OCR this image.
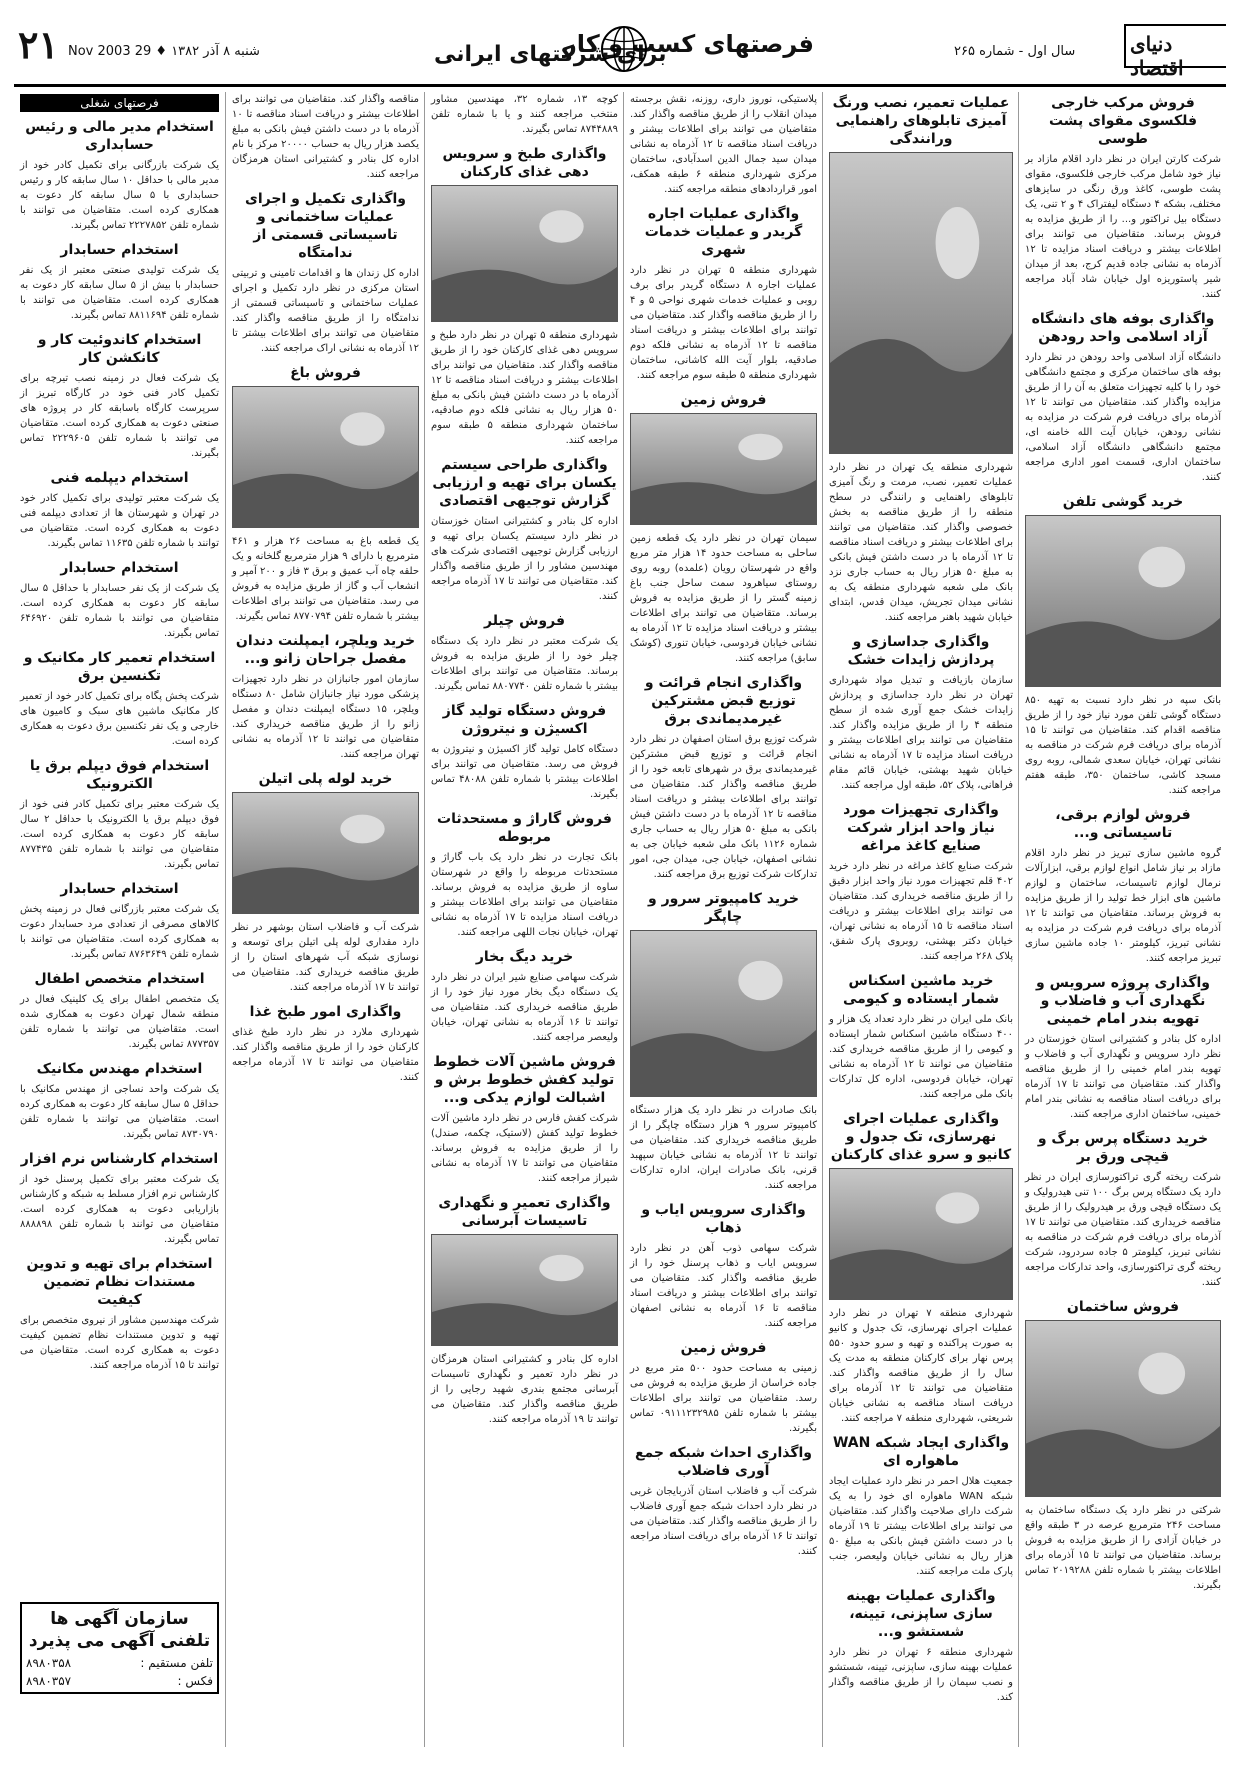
۲۱ شنبه ۸ آذر ۱۳۸۲ ♦ 29 Nov 2003	فرصتهای کسب و کار
برای شرکتهای ایرانی	سال اول - شماره ۲۶۵	دنیای اقتصاد
فروش مرکب خارجی فلکسوی مقوای پشت طوسی

شرکت کارتن ایران در نظر دارد اقلام مازاد بر نیاز خود شامل مرکب خارجی فلکسوی، مقوای پشت طوسی، کاغذ ورق رنگی در سایزهای مختلف، بشکه ۴ دستگاه لیفتراک ۴ و ۲ تنی، یک دستگاه بیل تراکتور و... را از طریق مزایده به فروش برساند. متقاضیان می توانند برای اطلاعات بیشتر و دریافت اسناد مزایده تا ۱۲ آذرماه به نشانی جاده قدیم کرج، بعد از میدان شیر پاستوریزه اول خیابان شاد آباد مراجعه کنند.

واگذاری بوفه های دانشگاه آزاد اسلامی واحد رودهن

دانشگاه آزاد اسلامی واحد رودهن در نظر دارد بوفه های ساختمان مرکزی و مجتمع دانشگاهی خود را با کلیه تجهیزات متعلق به آن را از طریق مزایده واگذار کند. متقاضیان می توانند تا ۱۲ آذرماه برای دریافت فرم شرکت در مزایده به نشانی رودهن، خیابان آیت الله خامنه ای، مجتمع دانشگاهی دانشگاه آزاد اسلامی، ساختمان اداری، قسمت امور اداری مراجعه کنند.

خرید گوشی تلفن

بانک سپه در نظر دارد نسبت به تهیه ۸۵۰ دستگاه گوشی تلفن مورد نیاز خود را از طریق مناقصه اقدام کند. متقاضیان می توانند تا ۱۵ آذرماه برای دریافت فرم شرکت در مناقصه به نشانی تهران، خیابان سعدی شمالی، روبه روی مسجد کاشی، ساختمان ۳۵۰، طبقه هفتم مراجعه کنند.

فروش لوازم برقی، تاسیساتی و...

گروه ماشین سازی تبریز در نظر دارد اقلام مازاد بر نیاز شامل انواع لوازم برقی، ابزارآلات نرمال لوازم تاسیسات، ساختمان و لوازم ماشین های ابزار خط تولید را از طریق مزایده به فروش برساند. متقاضیان می توانند تا ۱۲ آذرماه برای دریافت فرم شرکت در مزایده به نشانی تبریز، کیلومتر ۱۰ جاده ماشین سازی تبریز مراجعه کنند.

واگذاری پروژه سرویس و نگهداری آب و فاضلاب و تهویه بندر امام خمینی

اداره کل بنادر و کشتیرانی استان خوزستان در نظر دارد سرویس و نگهداری آب و فاضلاب و تهویه بندر امام خمینی را از طریق مناقصه واگذار کند. متقاضیان می توانند تا ۱۷ آذرماه برای دریافت اسناد مناقصه به نشانی بندر امام خمینی، ساختمان اداری مراجعه کنند.

خرید دستگاه پرس برگ و قیچی ورق بر

شرکت ریخته گری تراکتورسازی ایران در نظر دارد یک دستگاه پرس برگ ۱۰۰ تنی هیدرولیک و یک دستگاه قیچی ورق بر هیدرولیک را از طریق مناقصه خریداری کند. متقاضیان می توانند تا ۱۷ آذرماه برای دریافت فرم شرکت در مناقصه به نشانی تبریز، کیلومتر ۵ جاده سردرود، شرکت ریخته گری تراکتورسازی، واحد تدارکات مراجعه کنند.

فروش ساختمان

شرکتی در نظر دارد یک دستگاه ساختمان به مساحت ۲۴۶ مترمربع عرصه در ۳ طبقه واقع در خیابان آزادی را از طریق مزایده به فروش برساند. متقاضیان می توانند تا ۱۵ آذرماه برای اطلاعات بیشتر با شماره تلفن ۲۰۱۹۲۸۸ تماس بگیرند.

عملیات تعمیر، نصب ورنگ آمیزی تابلوهای راهنمایی ورانندگی

شهرداری منطقه یک تهران در نظر دارد عملیات تعمیر، نصب، مرمت و رنگ آمیزی تابلوهای راهنمایی و رانندگی در سطح منطقه را از طریق مناقصه به بخش خصوصی واگذار کند. متقاضیان می توانند برای اطلاعات بیشتر و دریافت اسناد مناقصه تا ۱۲ آذرماه با در دست داشتن فیش بانکی به مبلغ ۵۰ هزار ریال به حساب جاری نزد بانک ملی شعبه شهرداری منطقه یک به نشانی میدان تجریش، میدان قدس، ابتدای خیابان شهید باهنر مراجعه کنند.

واگذاری جداسازی و پردازش زایدات خشک

سازمان بازیافت و تبدیل مواد شهرداری تهران در نظر دارد جداسازی و پردازش زایدات خشک جمع آوری شده از سطح منطقه ۴ را از طریق مزایده واگذار کند. متقاضیان می توانند برای اطلاعات بیشتر و دریافت اسناد مزایده تا ۱۷ آذرماه به نشانی خیابان شهید بهشتی، خیابان قائم مقام فراهانی، پلاک ۵۲، طبقه اول مراجعه کنند.

واگذاری تجهیزات مورد نیاز واحد ابزار شرکت صنایع کاغذ مراغه

شرکت صنایع کاغذ مراغه در نظر دارد خرید ۴۰۲ قلم تجهیزات مورد نیاز واحد ابزار دقیق را از طریق مناقصه خریداری کند. متقاضیان می توانند برای اطلاعات بیشتر و دریافت اسناد مناقصه تا ۱۵ آذرماه به نشانی تهران، خیابان دکتر بهشتی، روبروی پارک شفق، پلاک ۲۶۸ مراجعه کنند.

خرید ماشین اسکناس شمار ایستاده و کیومی

بانک ملی ایران در نظر دارد تعداد یک هزار و ۴۰۰ دستگاه ماشین اسکناس شمار ایستاده و کیومی را از طریق مناقصه خریداری کند. متقاضیان می توانند تا ۱۲ آذرماه به نشانی تهران، خیابان فردوسی، اداره کل تدارکات بانک ملی مراجعه کنند.

واگذاری عملیات اجرای نهرسازی، تک جدول و کانیو و سرو غذای کارکنان

شهرداری منطقه ۷ تهران در نظر دارد عملیات اجرای نهرسازی، تک جدول و کانیو به صورت پراکنده و تهیه و سرو حدود ۵۵۰ پرس نهار برای کارکنان منطقه به مدت یک سال را از طریق مناقصه واگذار کند. متقاضیان می توانند تا ۱۲ آذرماه برای دریافت اسناد مناقصه به نشانی خیابان شریعتی، شهرداری منطقه ۷ مراجعه کنند.

واگذاری ایجاد شبکه WAN ماهواره ای

جمعیت هلال احمر در نظر دارد عملیات ایجاد شبکه WAN ماهواره ای خود را به یک شرکت دارای صلاحیت واگذار کند. متقاضیان می توانند برای اطلاعات بیشتر تا ۱۹ آذرماه با در دست داشتن فیش بانکی به مبلغ ۵۰ هزار ریال به نشانی خیابان ولیعصر، جنب پارک ملت مراجعه کنند.

واگذاری عملیات بهینه سازی ساپزنی، تیینه، شستشو و...

شهرداری منطقه ۶ تهران در نظر دارد عملیات بهینه سازی، ساپزنی، تیینه، شستشو و نصب سیمان را از طریق مناقصه واگذار کند.

پلاستیکی، نوروز داری، روزنه، نقش برجسته میدان انقلاب را از طریق مناقصه واگذار کند. متقاضیان می توانند برای اطلاعات بیشتر و دریافت اسناد مناقصه تا ۱۲ آذرماه به نشانی میدان سید جمال الدین اسدآبادی، ساختمان مرکزی شهرداری منطقه ۶ طبقه همکف، امور قراردادهای منطقه مراجعه کنند.

واگذاری عملیات اجاره گریدر و عملیات خدمات شهری

شهرداری منطقه ۵ تهران در نظر دارد عملیات اجاره ۸ دستگاه گریدر برای برف روبی و عملیات خدمات شهری نواحی ۵ و ۴ را از طریق مناقصه واگذار کند. متقاضیان می توانند برای اطلاعات بیشتر و دریافت اسناد مناقصه تا ۱۲ آذرماه به نشانی فلکه دوم صادقیه، بلوار آیت الله کاشانی، ساختمان شهرداری منطقه ۵ طبقه سوم مراجعه کنند.

فروش زمین

سیمان تهران در نظر دارد یک قطعه زمین ساحلی به مساحت حدود ۱۴ هزار متر مربع واقع در شهرستان رویان (علمده) روبه روی روستای سیاهرود سمت ساحل جنب باغ زمینه گستر را از طریق مزایده به فروش برساند. متقاضیان می توانند برای اطلاعات بیشتر و دریافت اسناد مزایده تا ۱۲ آذرماه به نشانی خیابان فردوسی، خیابان تنوری (کوشک سابق) مراجعه کنند.

واگذاری انجام قرائت و توزیع قبض مشترکین غیرمدیماندی برق

شرکت توزیع برق استان اصفهان در نظر دارد انجام قرائت و توزیع قبض مشترکین غیرمدیماندی برق در شهرهای تابعه خود را از طریق مناقصه واگذار کند. متقاضیان می توانند برای اطلاعات بیشتر و دریافت اسناد مناقصه تا ۱۲ آذرماه با در دست داشتن فیش بانکی به مبلغ ۵۰ هزار ریال به حساب جاری شماره ۱۱۲۶ بانک ملی شعبه خیابان جی به نشانی اصفهان، خیابان جی، میدان جی، امور تدارکات شرکت توزیع برق مراجعه کنند.

خرید کامپیوتر سرور و چاپگر

بانک صادرات در نظر دارد یک هزار دستگاه کامپیوتر سرور ۹ هزار دستگاه چاپگر را از طریق مناقصه خریداری کند. متقاضیان می توانند تا ۱۲ آذرماه به نشانی خیابان سپهبد قرنی، بانک صادرات ایران، اداره تدارکات مراجعه کنند.

واگذاری سرویس ایاب و ذهاب

شرکت سهامی ذوب آهن در نظر دارد سرویس ایاب و ذهاب پرسنل خود را از طریق مناقصه واگذار کند. متقاضیان می توانند برای اطلاعات بیشتر و دریافت اسناد مناقصه تا ۱۶ آذرماه به نشانی اصفهان مراجعه کنند.

فروش زمین

زمینی به مساحت حدود ۵۰۰ متر مربع در جاده خراسان از طریق مزایده به فروش می رسد. متقاضیان می توانند برای اطلاعات بیشتر با شماره تلفن ۰۹۱۱۱۲۳۲۹۸۵ تماس بگیرند.

واگذاری احداث شبکه جمع آوری فاضلاب

شرکت آب و فاضلاب استان آذربایجان غربی در نظر دارد احداث شبکه جمع آوری فاضلاب را از طریق مناقصه واگذار کند. متقاضیان می توانند تا ۱۶ آذرماه برای دریافت اسناد مراجعه کنند.

کوچه ۱۳، شماره ۳۲، مهندسین مشاور منتخب مراجعه کنند و یا با شماره تلفن ۸۷۴۴۸۸۹ تماس بگیرند.

واگذاری طبخ و سرویس دهی غذای کارکنان

شهرداری منطقه ۵ تهران در نظر دارد طبخ و سرویس دهی غذای کارکنان خود را از طریق مناقصه واگذار کند. متقاضیان می توانند برای اطلاعات بیشتر و دریافت اسناد مناقصه تا ۱۲ آذرماه با در دست داشتن فیش بانکی به مبلغ ۵۰ هزار ریال به نشانی فلکه دوم صادقیه، ساختمان شهرداری منطقه ۵ طبقه سوم مراجعه کنند.

واگذاری طراحی سیستم یکسان برای تهیه و ارزیابی گزارش توجیهی اقتصادی

اداره کل بنادر و کشتیرانی استان خوزستان در نظر دارد سیستم یکسان برای تهیه و ارزیابی گزارش توجیهی اقتصادی شرکت های مهندسین مشاور را از طریق مناقصه واگذار کند. متقاضیان می توانند تا ۱۷ آذرماه مراجعه کنند.

فروش چیلر

یک شرکت معتبر در نظر دارد یک دستگاه چیلر خود را از طریق مزایده به فروش برساند. متقاضیان می توانند برای اطلاعات بیشتر با شماره تلفن ۸۸۰۷۷۴۰ تماس بگیرند.

فروش دستگاه تولید گاز اکسیژن و نیتروژن

دستگاه کامل تولید گاز اکسیژن و نیتروژن به فروش می رسد. متقاضیان می توانند برای اطلاعات بیشتر با شماره تلفن ۴۸۰۸۸ تماس بگیرند.

فروش گاراژ و مستحدثات مربوطه

بانک تجارت در نظر دارد یک باب گاراژ و مستحدثات مربوطه را واقع در شهرستان ساوه از طریق مزایده به فروش برساند. متقاضیان می توانند برای اطلاعات بیشتر و دریافت اسناد مزایده تا ۱۷ آذرماه به نشانی تهران، خیابان نجات اللهی مراجعه کنند.

خرید دیگ بخار

شرکت سهامی صنایع شیر ایران در نظر دارد یک دستگاه دیگ بخار مورد نیاز خود را از طریق مناقصه خریداری کند. متقاضیان می توانند تا ۱۶ آذرماه به نشانی تهران، خیابان ولیعصر مراجعه کنند.

فروش ماشین آلات خطوط تولید کفش خطوط برش و اشبالت لوازم یدکی و...

شرکت کفش فارس در نظر دارد ماشین آلات خطوط تولید کفش (لاستیک، چکمه، صندل) را از طریق مزایده به فروش برساند. متقاضیان می توانند تا ۱۷ آذرماه به نشانی شیراز مراجعه کنند.

واگذاری تعمیر و نگهداری تاسیسات آبرسانی

اداره کل بنادر و کشتیرانی استان هرمزگان در نظر دارد تعمیر و نگهداری تاسیسات آبرسانی مجتمع بندری شهید رجایی را از طریق مناقصه واگذار کند. متقاضیان می توانند تا ۱۹ آذرماه مراجعه کنند.

مناقصه واگذار کند. متقاضیان می توانند برای اطلاعات بیشتر و دریافت اسناد مناقصه تا ۱۰ آذرماه با در دست داشتن فیش بانکی به مبلغ یکصد هزار ریال به حساب ۲۰۰۰۰ مرکز با نام اداره کل بنادر و کشتیرانی استان هرمزگان مراجعه کنند.

واگذاری تکمیل و اجرای عملیات ساختمانی و تاسیساتی قسمتی از ندامتگاه

اداره کل زندان ها و اقدامات تامینی و تربیتی استان مرکزی در نظر دارد تکمیل و اجرای عملیات ساختمانی و تاسیساتی قسمتی از ندامتگاه را از طریق مناقصه واگذار کند. متقاضیان می توانند برای اطلاعات بیشتر تا ۱۲ آذرماه به نشانی اراک مراجعه کنند.

فروش باغ

یک قطعه باغ به مساحت ۲۶ هزار و ۴۶۱ مترمربع با دارای ۹ هزار مترمربع گلخانه و یک حلقه چاه آب عمیق و برق ۳ فاز و ۲۰۰ آمپر و انشعاب آب و گاز از طریق مزایده به فروش می رسد. متقاضیان می توانند برای اطلاعات بیشتر با شماره تلفن ۸۷۷۰۷۹۴ تماس بگیرند.

خرید ویلچر، ایمپلنت دندان مفصل جراحان زانو و...

سازمان امور جانبازان در نظر دارد تجهیزات پزشکی مورد نیاز جانبازان شامل ۸۰ دستگاه ویلچر، ۱۵ دستگاه ایمپلنت دندان و مفصل زانو را از طریق مناقصه خریداری کند. متقاضیان می توانند تا ۱۲ آذرماه به نشانی تهران مراجعه کنند.

خرید لوله پلی اتیلن

شرکت آب و فاضلاب استان بوشهر در نظر دارد مقداری لوله پلی اتیلن برای توسعه و نوسازی شبکه آب شهرهای استان را از طریق مناقصه خریداری کند. متقاضیان می توانند تا ۱۷ آذرماه مراجعه کنند.

واگذاری امور طبخ غذا

شهرداری ملارد در نظر دارد طبخ غذای کارکنان خود را از طریق مناقصه واگذار کند. متقاضیان می توانند تا ۱۷ آذرماه مراجعه کنند.

فرصتهای شغلی
استخدام مدیر مالی و رئیس حسابداری

یک شرکت بازرگانی برای تکمیل کادر خود از مدیر مالی با حداقل ۱۰ سال سابقه کار و رئیس حسابداری با ۵ سال سابقه کار دعوت به همکاری کرده است. متقاضیان می توانند با شماره تلفن ۲۲۲۷۸۵۲ تماس بگیرند.

استخدام حسابدار

یک شرکت تولیدی صنعتی معتبر از یک نفر حسابدار با بیش از ۵ سال سابقه کار دعوت به همکاری کرده است. متقاضیان می توانند با شماره تلفن ۸۸۱۱۶۹۴ تماس بگیرند.

استخدام کاندوئیت کار و کانکشن کار

یک شرکت فعال در زمینه نصب تیرچه برای تکمیل کادر فنی خود در کارگاه تبریز از سرپرست کارگاه باسابقه کار در پروژه های صنعتی دعوت به همکاری کرده است. متقاضیان می توانند با شماره تلفن ۲۲۲۹۶۰۵ تماس بگیرند.

استخدام دیپلمه فنی

یک شرکت معتبر تولیدی برای تکمیل کادر خود در تهران و شهرستان ها از تعدادی دیپلمه فنی دعوت به همکاری کرده است. متقاضیان می توانند با شماره تلفن ۱۱۶۳۵ تماس بگیرند.

استخدام حسابدار

یک شرکت از یک نفر حسابدار با حداقل ۵ سال سابقه کار دعوت به همکاری کرده است. متقاضیان می توانند با شماره تلفن ۶۴۶۹۲۰ تماس بگیرند.

استخدام تعمیر کار مکانیک و تکنسین برق

شرکت پخش پگاه برای تکمیل کادر خود از تعمیر کار مکانیک ماشین های سبک و کامیون های خارجی و یک نفر تکنسین برق دعوت به همکاری کرده است.

استخدام فوق دیپلم برق یا الکترونیک

یک شرکت معتبر برای تکمیل کادر فنی خود از فوق دیپلم برق یا الکترونیک با حداقل ۲ سال سابقه کار دعوت به همکاری کرده است. متقاضیان می توانند با شماره تلفن ۸۷۷۴۳۵ تماس بگیرند.

استخدام حسابدار

یک شرکت معتبر بازرگانی فعال در زمینه پخش کالاهای مصرفی از تعدادی مرد حسابدار دعوت به همکاری کرده است. متقاضیان می توانند با شماره تلفن ۸۷۶۳۶۴۹ تماس بگیرند.

استخدام متخصص اطفال

یک متخصص اطفال برای یک کلینیک فعال در منطقه شمال تهران دعوت به همکاری شده است. متقاضیان می توانند با شماره تلفن ۸۷۷۳۵۷ تماس بگیرند.

استخدام مهندس مکانیک

یک شرکت واحد نساجی از مهندس مکانیک با حداقل ۵ سال سابقه کار دعوت به همکاری کرده است. متقاضیان می توانند با شماره تلفن ۸۷۳۰۷۹۰ تماس بگیرند.

استخدام کارشناس نرم افزار

یک شرکت معتبر برای تکمیل پرسنل خود از کارشناس نرم افزار مسلط به شبکه و کارشناس بازاریابی دعوت به همکاری کرده است. متقاضیان می توانند با شماره تلفن ۸۸۸۸۹۸ تماس بگیرند.

استخدام برای تهیه و تدوین مستندات نظام تضمین کیفیت

شرکت مهندسین مشاور از نیروی متخصص برای تهیه و تدوین مستندات نظام تضمین کیفیت دعوت به همکاری کرده است. متقاضیان می توانند تا ۱۵ آذرماه مراجعه کنند.

سازمان آگهی ها
تلفنی آگهی می پذیرد
تلفن مستقیم :
۸۹۸۰۳۵۸
فکس :
۸۹۸۰۳۵۷
